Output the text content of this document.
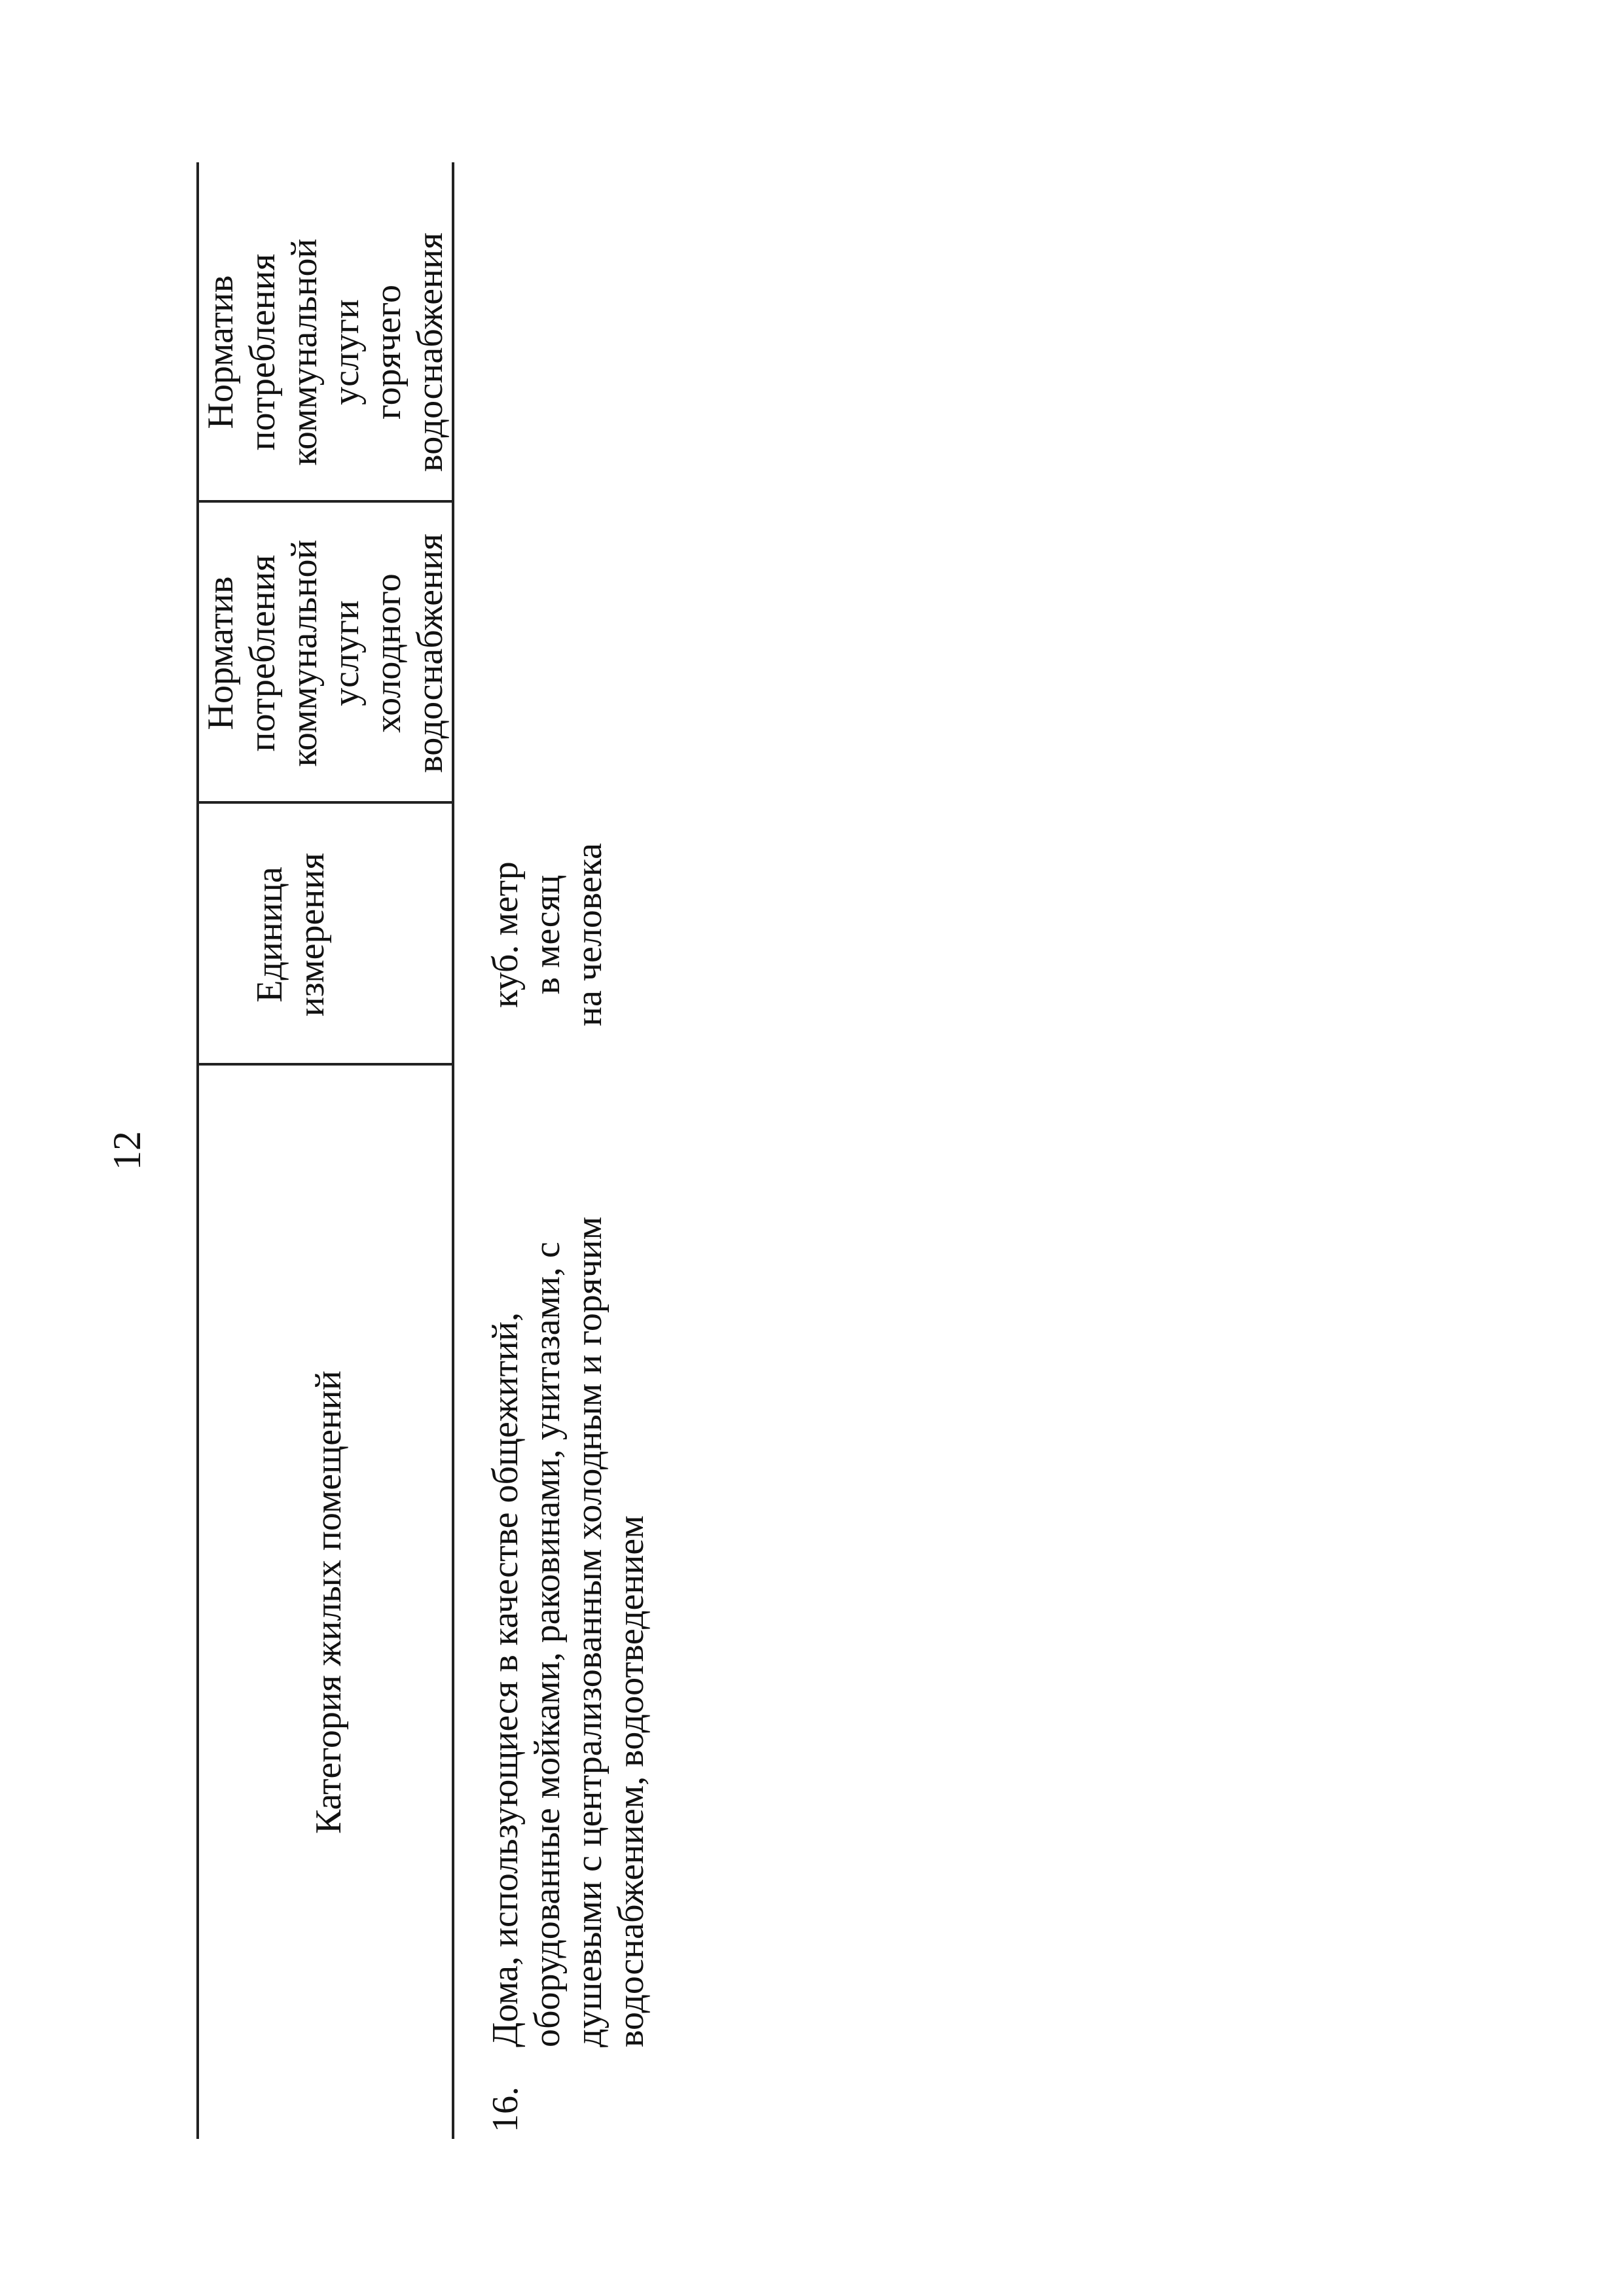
12
Категория жилых помещений
Единица измерения
Норматив потребления коммунальной услуги холодного водоснабжения
Норматив потребления коммунальной услуги горячего водоснабжения
16.
Дома, использующиеся в качестве общежитий, оборудованные мойками, раковинами, унитазами, с душевыми с централизованным холодным и горячим водоснабжением, водоотведением
куб. метр в месяц на человека
